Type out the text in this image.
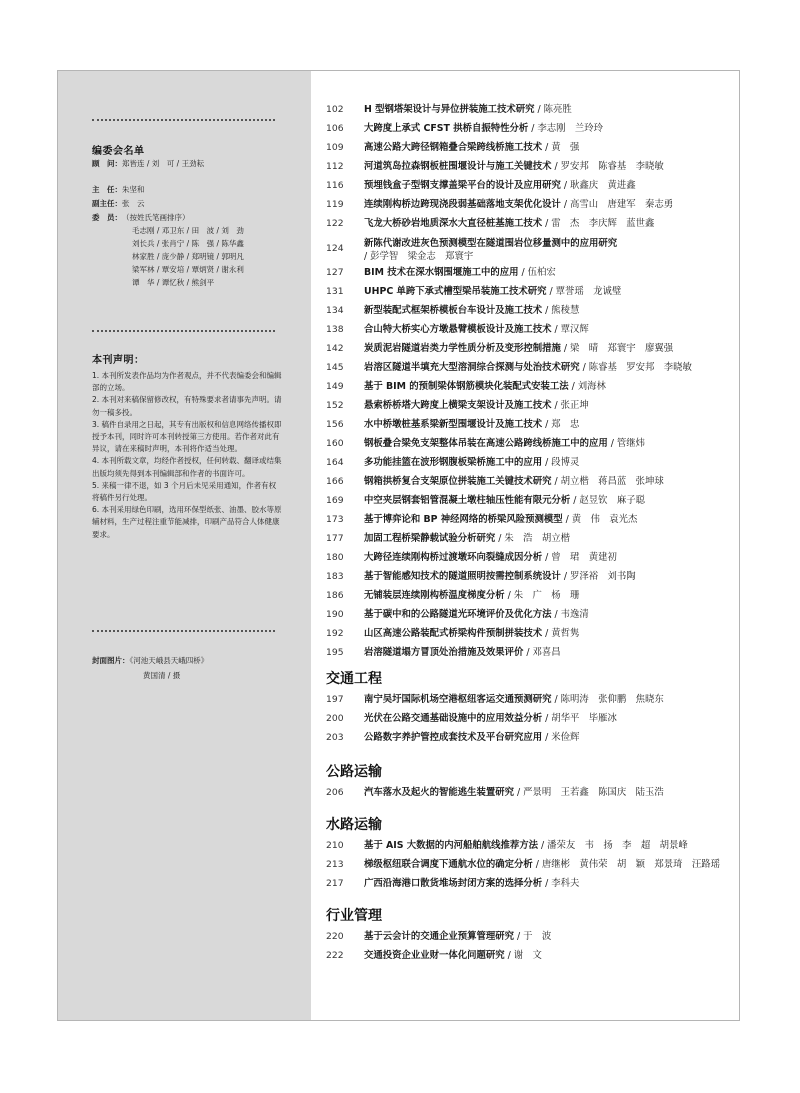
编委会名单
顾　问：郑皆连 / 刘　可 / 王劲耘
主　任：朱坚和
副主任：张　云
委　员：（按姓氏笔画排序）
毛志刚 / 邓卫东 / 田　波 / 刘　劲
刘长兵 / 张肖宁 / 陈　强 / 陈华鑫
林家胜 / 庞少静 / 郑明镜 / 郭明凡
梁军林 / 覃安培 / 覃炳贤 / 谢永利
谭　华 / 谭忆秋 / 熊剑平
本刊声明：

1. 本刊所发表作品均为作者观点，并不代表编委会和编辑部的立场。

2. 本刊对来稿保留修改权，有特殊要求者请事先声明。请勿一稿多投。

3. 稿件自录用之日起，其专有出版权和信息网络传播权即授予本刊，同时许可本刊转授第三方使用。若作者对此有异议，请在来稿时声明，本刊将作适当处理。

4. 本刊所载文章，均经作者授权，任何转载、翻译或结集出版均须先得到本刊编辑部和作者的书面许可。

5. 来稿一律不退，如 3 个月后未见采用通知，作者有权将稿件另行处理。

6. 本刊采用绿色印刷，选用环保型纸张、油墨、胶水等原辅材料，生产过程注重节能减排，印刷产品符合人体健康要求。

封面图片：《河池天峨县天峨四桥》
黄国清 / 摄
102	H 型钢塔架设计与异位拼装施工技术研究 / 陈亮胜
106	大跨度上承式 CFST 拱桥自振特性分析 / 李志刚　兰玲玲
109	高速公路大跨径钢箱叠合梁跨线桥施工技术 / 黄　强
112	河道筑岛拉森钢板桩围堰设计与施工关键技术 / 罗安邦　陈睿基　李晓敏
116	预埋钱盒子型钢支撑盖梁平台的设计及应用研究 / 耿鑫庆　黄进鑫
119	连续刚构桥边跨现浇段弱基础落地支架优化设计 / 高雪山　唐建军　秦志勇
122	飞龙大桥砂岩地质深水大直径桩基施工技术 / 雷　杰　李庆辉　蓝世鑫
124	新陈代谢改进灰色预测模型在隧道围岩位移量测中的应用研究
/ 彭学智　梁金志　郑寰宇
127	BIM 技术在深水钢围堰施工中的应用 / 伍柏宏
131	UHPC 单跨下承式槽型梁吊装施工技术研究 / 覃誉瑶　龙诚璧
134	新型装配式框架桥模板台车设计及施工技术 / 熊稜慧
138	合山特大桥实心方墩悬臂模板设计及施工技术 / 覃汉辉
142	炭质泥岩隧道岩类力学性质分析及变形控制措施 / 梁　晴　郑寰宇　廖翼强
145	岩溶区隧道半填充大型溶洞综合探测与处治技术研究 / 陈睿基　罗安邦　李晓敏
149	基于 BIM 的预制梁体钢筋模块化装配式安装工法 / 刘海林
152	悬索桥桥塔大跨度上横梁支架设计及施工技术 / 张正坤
156	水中桥墩桩基系梁新型围堰设计及施工技术 / 郑　忠
160	钢板叠合梁免支架整体吊装在高速公路跨线桥施工中的应用 / 管继炜
164	多功能挂篮在波形钢腹板梁桥施工中的应用 / 段博灵
166	钢箱拱桥复合支架原位拼装施工关键技术研究 / 胡立楷　蒋昌蓝　张坤球
169	中空夹层钢套铝管混凝土墩柱轴压性能有限元分析 / 赵昱钦　麻子聪
173	基于博弈论和 BP 神经网络的桥梁风险预测模型 / 黄　伟　袁光杰
177	加固工程桥梁静载试验分析研究 / 朱　浩　胡立楷
180	大跨径连续刚构桥过渡墩环向裂缝成因分析 / 曾　珺　黄建初
183	基于智能感知技术的隧道照明按需控制系统设计 / 罗泽裕　刘书陶
186	无铺装层连续刚构桥温度梯度分析 / 朱　广　杨　珊
190	基于碳中和的公路隧道光环境评价及优化方法 / 韦逸清
192	山区高速公路装配式桥梁构件预制拼装技术 / 黄哲隽
195	岩溶隧道塌方冒顶处治措施及效果评价 / 邓喜昌
交通工程
197	南宁吴圩国际机场空港枢纽客运交通预测研究 / 陈明涛　张仰鹏　焦晓东
200	光伏在公路交通基础设施中的应用效益分析 / 胡华平　毕雁冰
203	公路数字养护管控成套技术及平台研究应用 / 米俭辉
公路运输
206	汽车落水及起火的智能逃生装置研究 / 严景明　王若鑫　陈国庆　陆玉浩
水路运输
210	基于 AIS 大数据的内河船舶航线推荐方法 / 潘荣友　韦　扬　李　超　胡景峰
213	梯级枢纽联合调度下通航水位的确定分析 / 唐继彬　黄伟荣　胡　颖　郑景琦　汪路瑶
217	广西沿海港口散货堆场封闭方案的选择分析 / 李科夫
行业管理
220	基于云会计的交通企业预算管理研究 / 于　波
222	交通投资企业业财一体化问题研究 / 谢　文
